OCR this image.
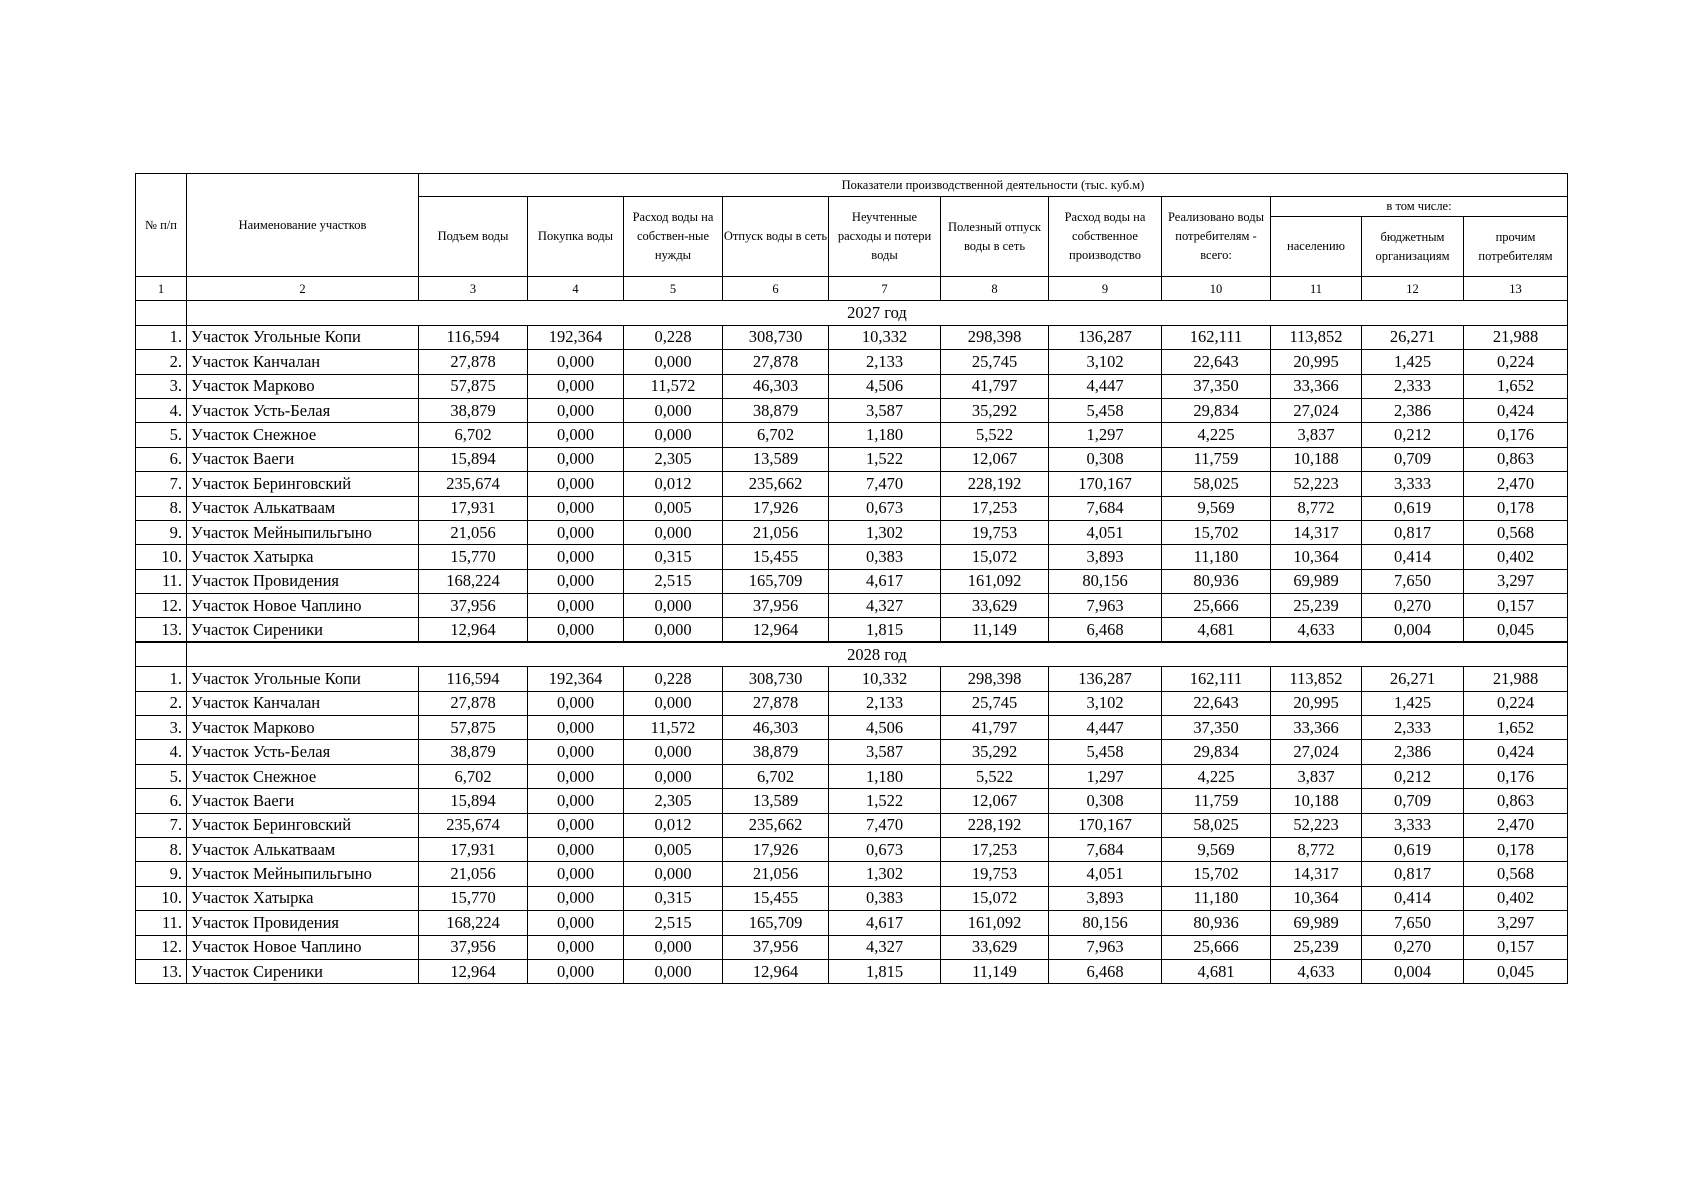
№ п/п	Наименование участков	Показатели производственной деятельности (тыс. куб.м)										
		Подъем воды	Покупка воды	Расход воды на собствен-ные нужды	Отпуск воды в сеть	Неучтенные расходы и потери воды	Полезный отпуск воды в сеть	Расход воды на собственное производство	Реализовано воды потребителям - всего:	в том числе:		
										населению	бюджетным организациям	прочим потребителям
1	2	3	4	5	6	7	8	9	10	11	12	13
	2027 год											
1.	Участок Угольные Копи	116,594	192,364	0,228	308,730	10,332	298,398	136,287	162,111	113,852	26,271	21,988
2.	Участок Канчалан	27,878	0,000	0,000	27,878	2,133	25,745	3,102	22,643	20,995	1,425	0,224
3.	Участок Марково	57,875	0,000	11,572	46,303	4,506	41,797	4,447	37,350	33,366	2,333	1,652
4.	Участок Усть-Белая	38,879	0,000	0,000	38,879	3,587	35,292	5,458	29,834	27,024	2,386	0,424
5.	Участок Снежное	6,702	0,000	0,000	6,702	1,180	5,522	1,297	4,225	3,837	0,212	0,176
6.	Участок Ваеги	15,894	0,000	2,305	13,589	1,522	12,067	0,308	11,759	10,188	0,709	0,863
7.	Участок Беринговский	235,674	0,000	0,012	235,662	7,470	228,192	170,167	58,025	52,223	3,333	2,470
8.	Участок Алькатваам	17,931	0,000	0,005	17,926	0,673	17,253	7,684	9,569	8,772	0,619	0,178
9.	Участок Мейныпильгыно	21,056	0,000	0,000	21,056	1,302	19,753	4,051	15,702	14,317	0,817	0,568
10.	Участок Хатырка	15,770	0,000	0,315	15,455	0,383	15,072	3,893	11,180	10,364	0,414	0,402
11.	Участок Провидения	168,224	0,000	2,515	165,709	4,617	161,092	80,156	80,936	69,989	7,650	3,297
12.	Участок Новое Чаплино	37,956	0,000	0,000	37,956	4,327	33,629	7,963	25,666	25,239	0,270	0,157
13.	Участок Сиреники	12,964	0,000	0,000	12,964	1,815	11,149	6,468	4,681	4,633	0,004	0,045
	2028 год											
1.	Участок Угольные Копи	116,594	192,364	0,228	308,730	10,332	298,398	136,287	162,111	113,852	26,271	21,988
2.	Участок Канчалан	27,878	0,000	0,000	27,878	2,133	25,745	3,102	22,643	20,995	1,425	0,224
3.	Участок Марково	57,875	0,000	11,572	46,303	4,506	41,797	4,447	37,350	33,366	2,333	1,652
4.	Участок Усть-Белая	38,879	0,000	0,000	38,879	3,587	35,292	5,458	29,834	27,024	2,386	0,424
5.	Участок Снежное	6,702	0,000	0,000	6,702	1,180	5,522	1,297	4,225	3,837	0,212	0,176
6.	Участок Ваеги	15,894	0,000	2,305	13,589	1,522	12,067	0,308	11,759	10,188	0,709	0,863
7.	Участок Беринговский	235,674	0,000	0,012	235,662	7,470	228,192	170,167	58,025	52,223	3,333	2,470
8.	Участок Алькатваам	17,931	0,000	0,005	17,926	0,673	17,253	7,684	9,569	8,772	0,619	0,178
9.	Участок Мейныпильгыно	21,056	0,000	0,000	21,056	1,302	19,753	4,051	15,702	14,317	0,817	0,568
10.	Участок Хатырка	15,770	0,000	0,315	15,455	0,383	15,072	3,893	11,180	10,364	0,414	0,402
11.	Участок Провидения	168,224	0,000	2,515	165,709	4,617	161,092	80,156	80,936	69,989	7,650	3,297
12.	Участок Новое Чаплино	37,956	0,000	0,000	37,956	4,327	33,629	7,963	25,666	25,239	0,270	0,157
13.	Участок Сиреники	12,964	0,000	0,000	12,964	1,815	11,149	6,468	4,681	4,633	0,004	0,045
